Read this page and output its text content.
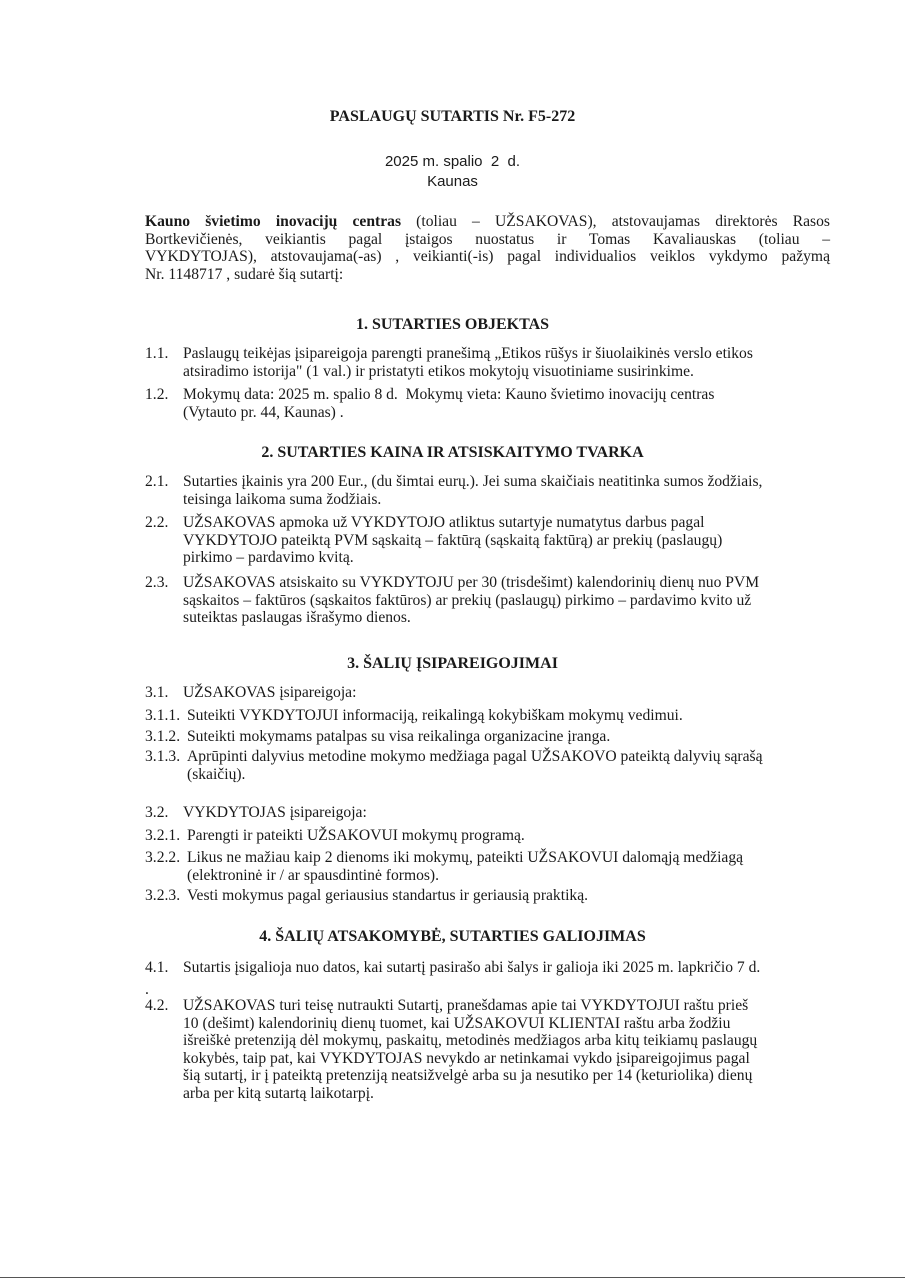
PASLAUGŲ SUTARTIS Nr. F5-272
2025 m. spalio  2  d.
Kaunas
Kauno švietimo inovacijų centras (toliau – UŽSAKOVAS), atstovaujamas direktorės Rasos
Bortkevičienės, veikiantis pagal įstaigos nuostatus ir Tomas Kavaliauskas (toliau –
VYKDYTOJAS), atstovaujama(-as) , veikianti(-is) pagal individualios veiklos vykdymo pažymą
Nr. 1148717 , sudarė šią sutartį:
1. SUTARTIES OBJEKTAS
1.1. Paslaugų teikėjas įsipareigoja parengti pranešimą „Etikos rūšys ir šiuolaikinės verslo etikos
atsiradimo istorija" (1 val.) ir pristatyti etikos mokytojų visuotiniame susirinkime.
1.2. Mokymų data: 2025 m. spalio 8 d.  Mokymų vieta: Kauno švietimo inovacijų centras
(Vytauto pr. 44, Kaunas) .
2. SUTARTIES KAINA IR ATSISKAITYMO TVARKA
2.1. Sutarties įkainis yra 200 Eur., (du šimtai eurų.). Jei suma skaičiais neatitinka sumos žodžiais,
teisinga laikoma suma žodžiais.
2.2. UŽSAKOVAS apmoka už VYKDYTOJO atliktus sutartyje numatytus darbus pagal
VYKDYTOJO pateiktą PVM sąskaitą – faktūrą (sąskaitą faktūrą) ar prekių (paslaugų)
pirkimo – pardavimo kvitą.
2.3. UŽSAKOVAS atsiskaito su VYKDYTOJU per 30 (trisdešimt) kalendorinių dienų nuo PVM
sąskaitos – faktūros (sąskaitos faktūros) ar prekių (paslaugų) pirkimo – pardavimo kvito už
suteiktas paslaugas išrašymo dienos.
3. ŠALIŲ ĮSIPAREIGOJIMAI
3.1. UŽSAKOVAS įsipareigoja:
3.1.1. Suteikti VYKDYTOJUI informaciją, reikalingą kokybiškam mokymų vedimui.
3.1.2. Suteikti mokymams patalpas su visa reikalinga organizacine įranga.
3.1.3. Aprūpinti dalyvius metodine mokymo medžiaga pagal UŽSAKOVO pateiktą dalyvių sąrašą
(skaičių).
3.2. VYKDYTOJAS įsipareigoja:
3.2.1. Parengti ir pateikti UŽSAKOVUI mokymų programą.
3.2.2. Likus ne mažiau kaip 2 dienoms iki mokymų, pateikti UŽSAKOVUI dalomąją medžiagą
(elektroninė ir / ar spausdintinė formos).
3.2.3. Vesti mokymus pagal geriausius standartus ir geriausią praktiką.
4. ŠALIŲ ATSAKOMYBĖ, SUTARTIES GALIOJIMAS
4.1. Sutartis įsigalioja nuo datos, kai sutartį pasirašo abi šalys ir galioja iki 2025 m. lapkričio 7 d.
.
4.2. UŽSAKOVAS turi teisę nutraukti Sutartį, pranešdamas apie tai VYKDYTOJUI raštu prieš
10 (dešimt) kalendorinių dienų tuomet, kai UŽSAKOVUI KLIENTAI raštu arba žodžiu
išreiškė pretenziją dėl mokymų, paskaitų, metodinės medžiagos arba kitų teikiamų paslaugų
kokybės, taip pat, kai VYKDYTOJAS nevykdo ar netinkamai vykdo įsipareigojimus pagal
šią sutartį, ir į pateiktą pretenziją neatsižvelgė arba su ja nesutiko per 14 (keturiolika) dienų
arba per kitą sutartą laikotarpį.
